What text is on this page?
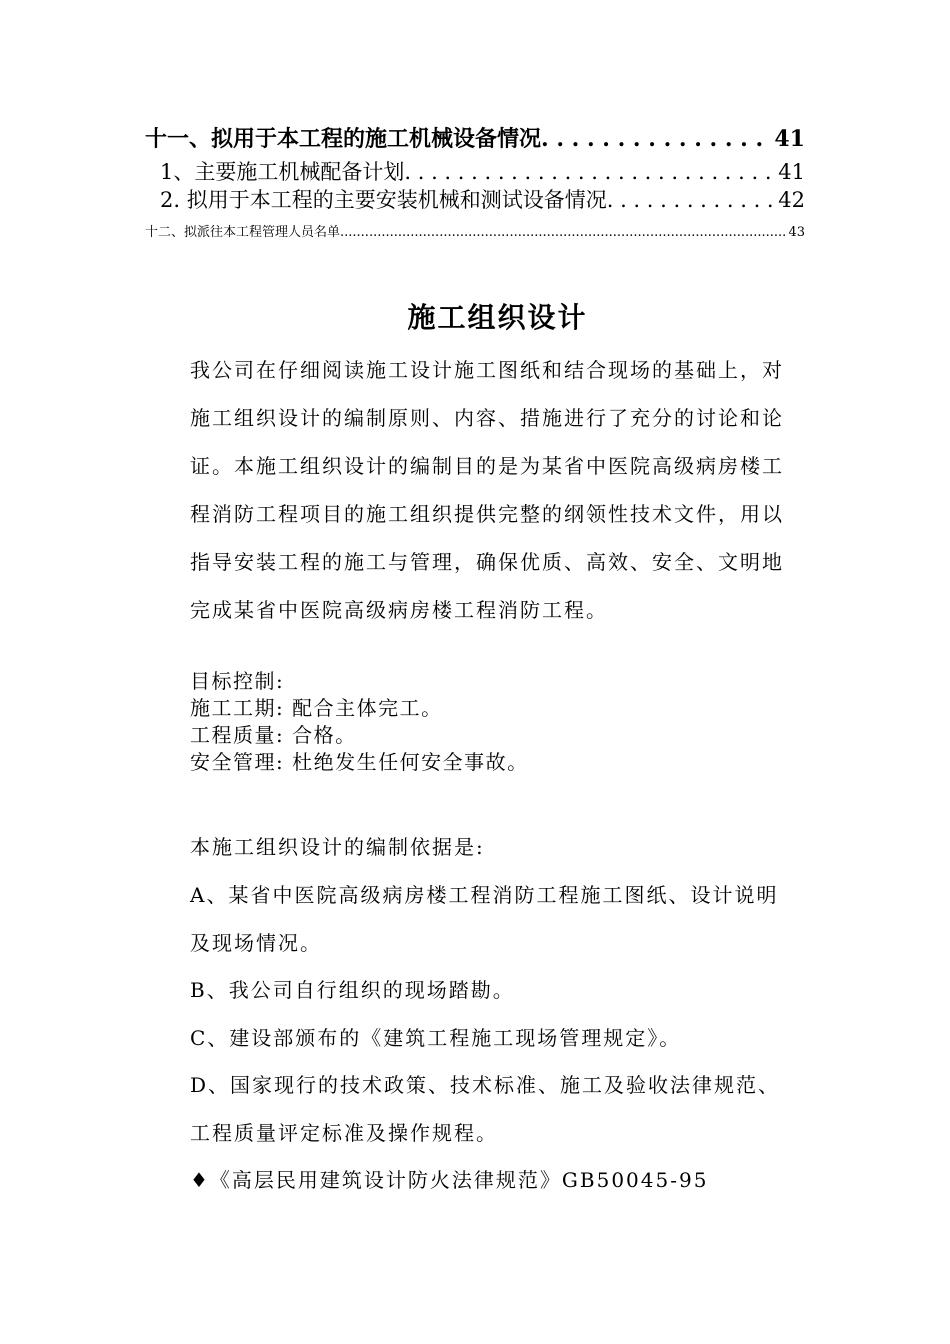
十一、拟用于本工程的施工机械设备情况 . . .	41
1、主要施工机械配备计划 . . .	41
2. 拟用于本工程的主要安装机械和测试设备情况 . . .	42
十二、拟派往本工程管理人员名单 .....	43
施工组织设计
我公司在仔细阅读施工设计施工图纸和结合现场的基础上，对施工组织设计的编制原则、内容、措施进行了充分的讨论和论证。本施工组织设计的编制目的是为某省中医院高级病房楼工程消防工程项目的施工组织提供完整的纲领性技术文件，用以指导安装工程的施工与管理，确保优质、高效、安全、文明地完成某省中医院高级病房楼工程消防工程。
目标控制:
施工工期: 配合主体完工。
工程质量: 合格。
安全管理: 杜绝发生任何安全事故。
本施工组织设计的编制依据是:
A、某省中医院高级病房楼工程消防工程施工图纸、设计说明及现场情况。
B、我公司自行组织的现场踏勘。
C、建设部颁布的《建筑工程施工现场管理规定》。
D、国家现行的技术政策、技术标准、施工及验收法律规范、工程质量评定标准及操作规程。
♦《高层民用建筑设计防火法律规范》GB50045-95
